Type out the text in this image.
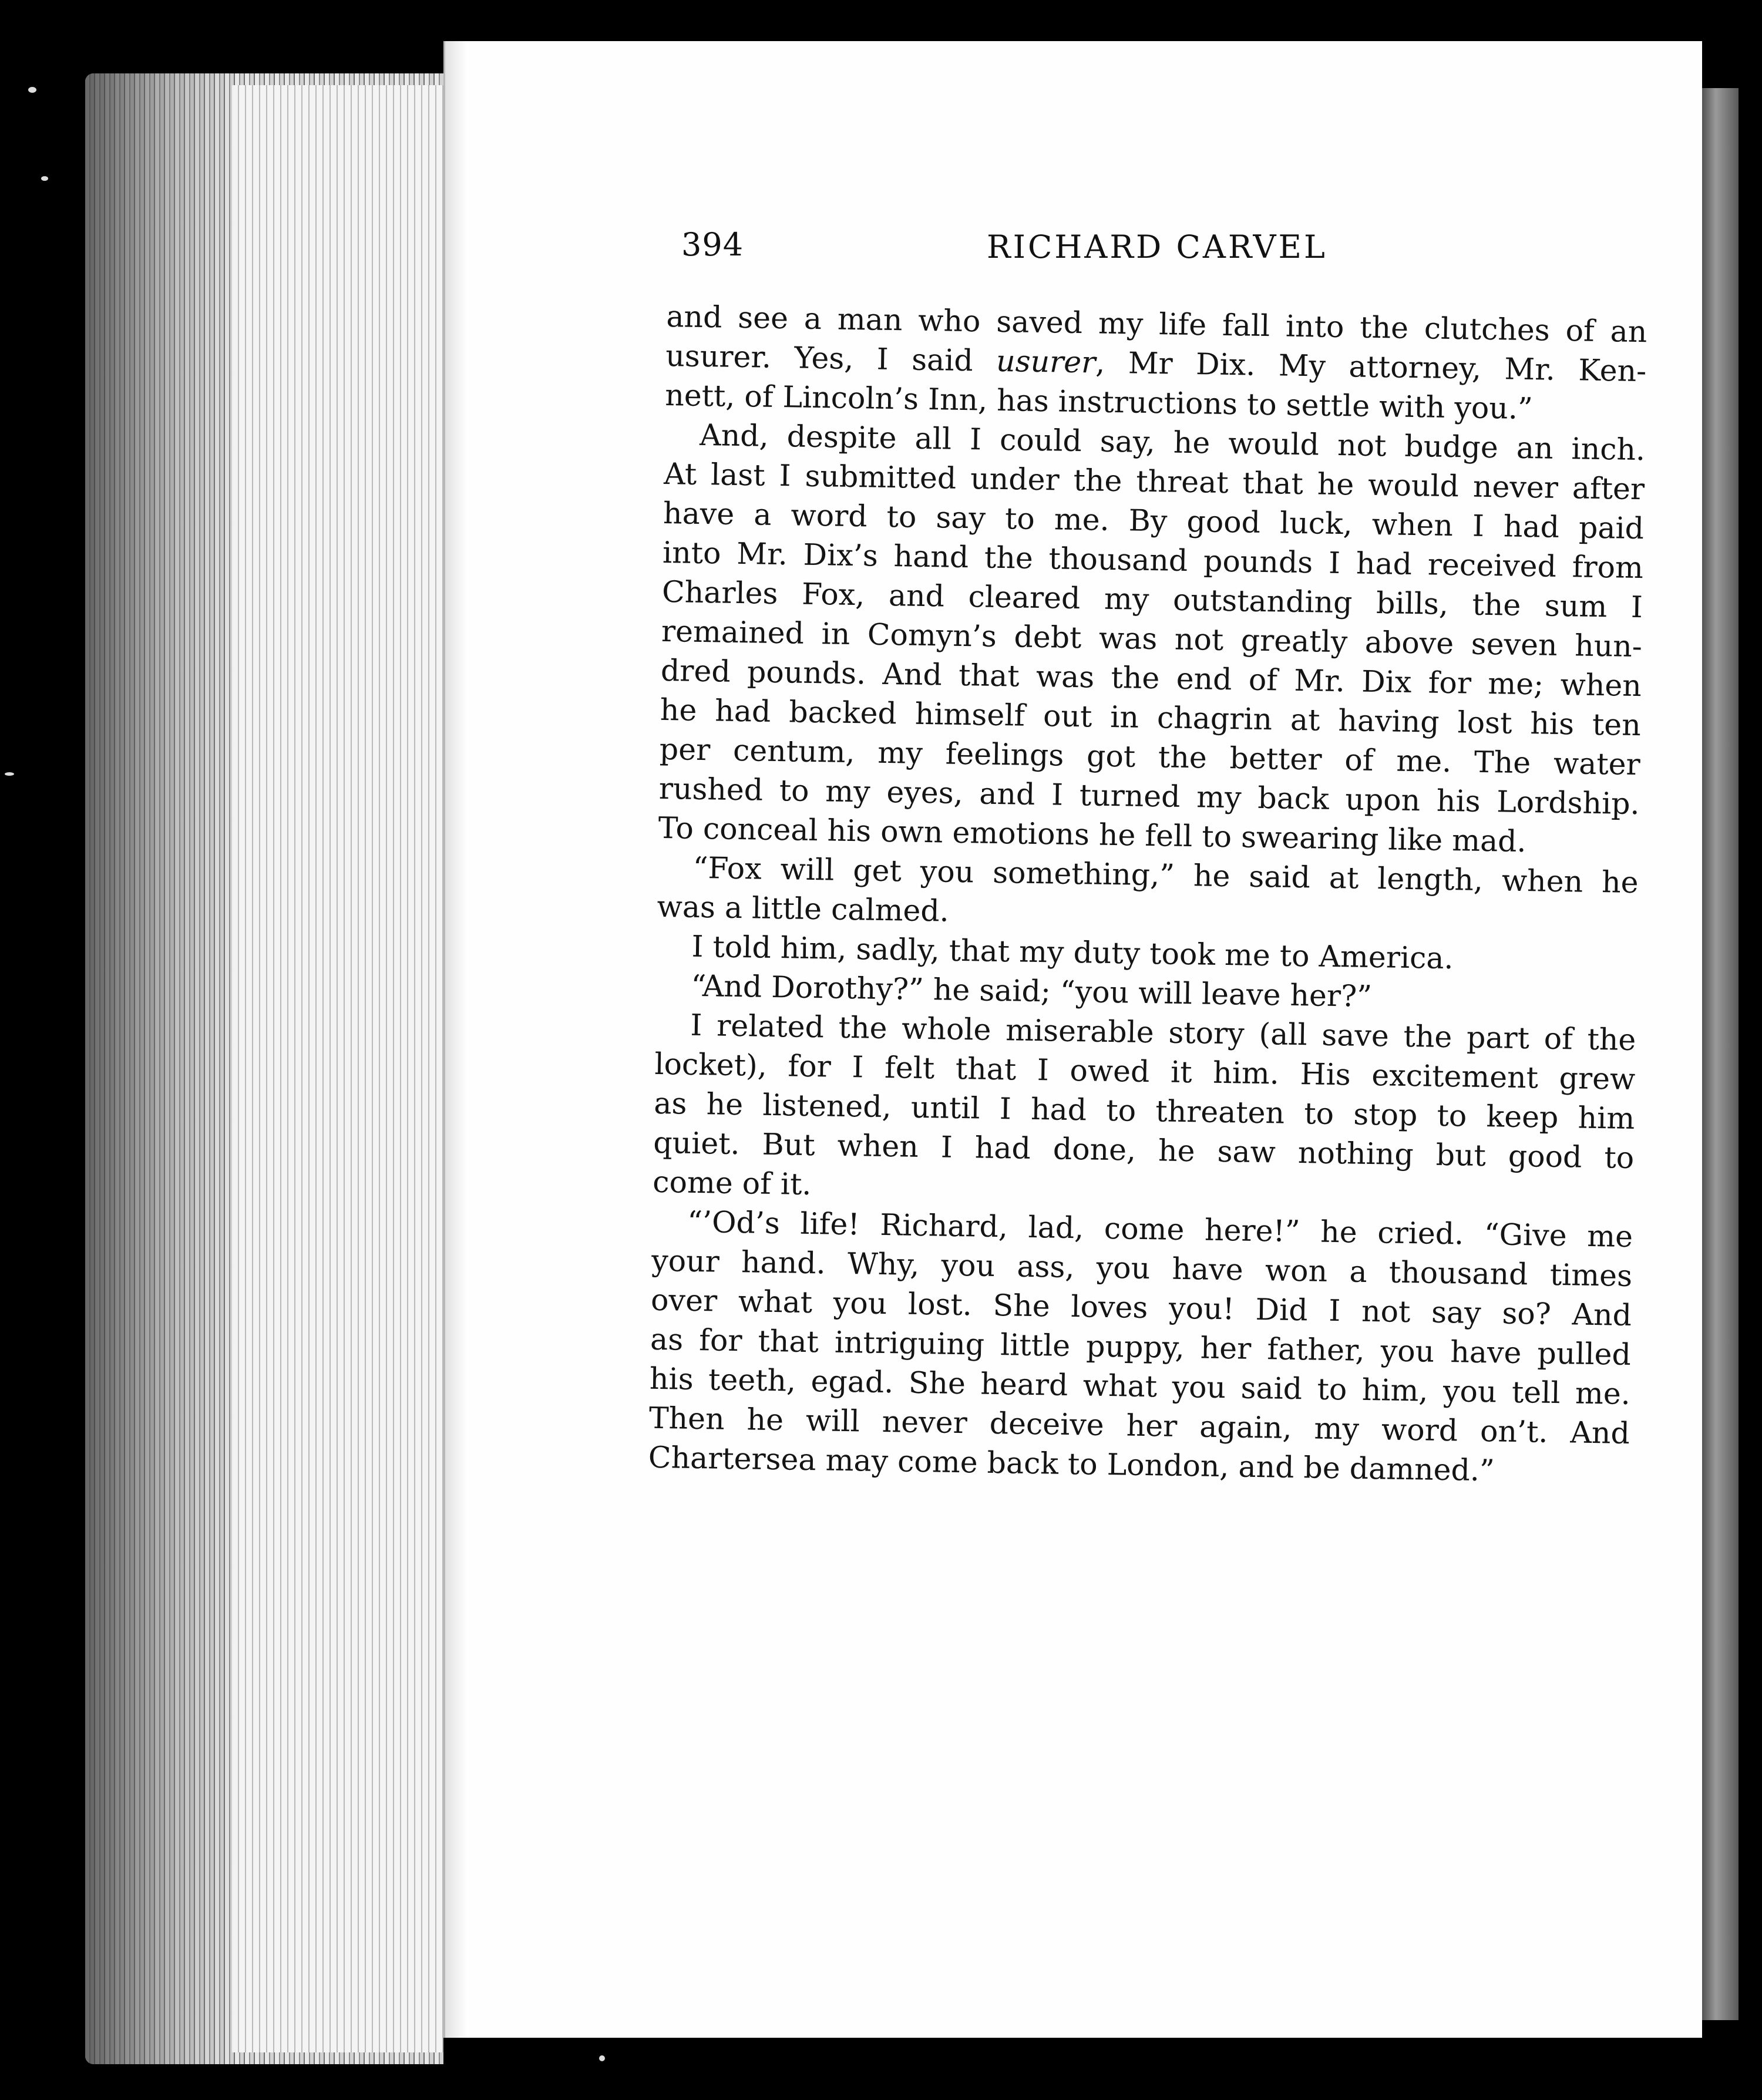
394	RICHARD CARVEL
and see a man who saved my life fall into the clutches of an
usurer. Yes, I said usurer, Mr Dix. My attorney, Mr. Ken-
nett, of Lincoln’s Inn, has instructions to settle with you.”
And, despite all I could say, he would not budge an inch.
At last I submitted under the threat that he would never after
have a word to say to me. By good luck, when I had paid
into Mr. Dix’s hand the thousand pounds I had received from
Charles Fox, and cleared my outstanding bills, the sum I
remained in Comyn’s debt was not greatly above seven hun-
dred pounds. And that was the end of Mr. Dix for me; when
he had backed himself out in chagrin at having lost his ten
per centum, my feelings got the better of me. The water
rushed to my eyes, and I turned my back upon his Lordship.
To conceal his own emotions he fell to swearing like mad.
“Fox will get you something,” he said at length, when he
was a little calmed.
I told him, sadly, that my duty took me to America.
“And Dorothy?” he said; “you will leave her?”
I related the whole miserable story (all save the part of the
locket), for I felt that I owed it him. His excitement grew
as he listened, until I had to threaten to stop to keep him
quiet. But when I had done, he saw nothing but good to
come of it.
“’Od’s life! Richard, lad, come here!” he cried. “Give me
your hand. Why, you ass, you have won a thousand times
over what you lost. She loves you! Did I not say so? And
as for that intriguing little puppy, her father, you have pulled
his teeth, egad. She heard what you said to him, you tell me.
Then he will never deceive her again, my word on’t. And
Chartersea may come back to London, and be damned.”
